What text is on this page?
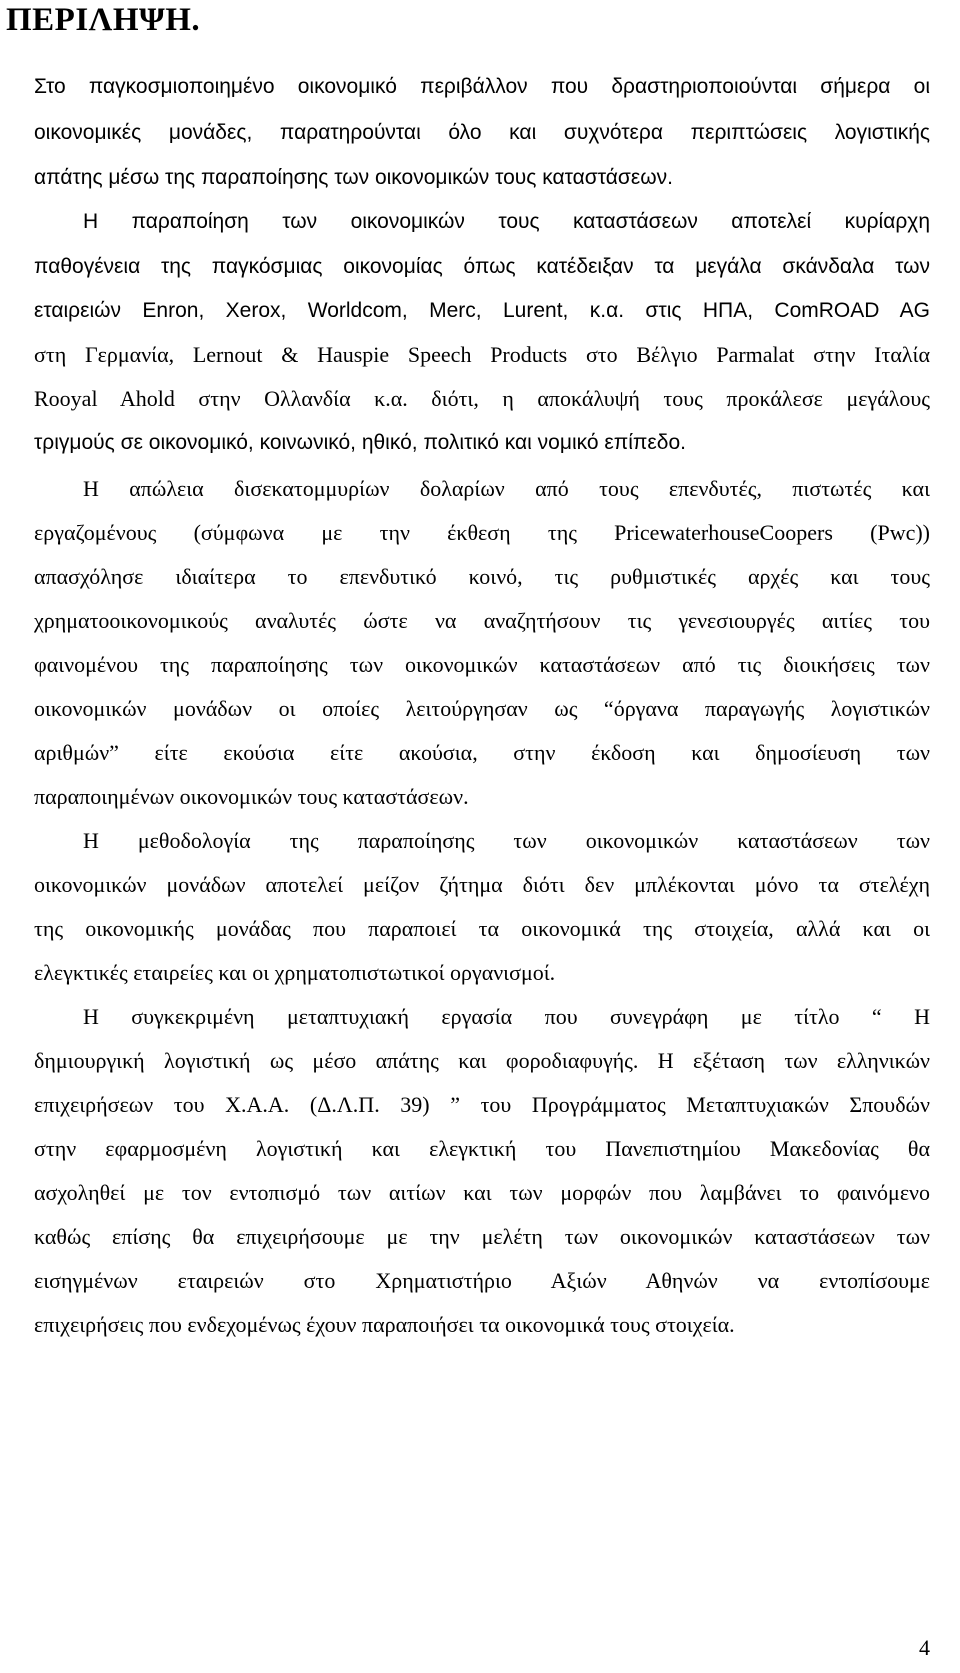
ΠΕΡΙΛΗΨΗ.

Στο παγκοσμιοποιημένο οικονομικό περιβάλλον που δραστηριοποιούνται σήμερα οι

οικονομικές μονάδες, παρατηρούνται όλο και συχνότερα περιπτώσεις λογιστικής

απάτης μέσω της παραποίησης των οικονομικών τους καταστάσεων.

Η παραποίηση των οικονομικών τους καταστάσεων αποτελεί κυρίαρχη

παθογένεια της παγκόσμιας οικονομίας όπως κατέδειξαν τα μεγάλα σκάνδαλα των

εταιρειών Enron, Xerox, Worldcom, Merc, Lurent, κ.α. στις ΗΠΑ, ComROAD AG

στη Γερμανία, Lernout & Hauspie Speech Products στο Βέλγιο Parmalat στην Ιταλία

Rooyal Ahold στην Ολλανδία κ.α. διότι, η αποκάλυψή τους προκάλεσε μεγάλους

τριγμούς σε οικονομικό, κοινωνικό, ηθικό, πολιτικό και νομικό επίπεδο.

Η απώλεια δισεκατομμυρίων δολαρίων από τους επενδυτές, πιστωτές και

εργαζομένους (σύμφωνα με την έκθεση της PricewaterhouseCoopers (Pwc))

απασχόλησε ιδιαίτερα το επενδυτικό κοινό, τις ρυθμιστικές αρχές και τους

χρηματοοικονομικούς αναλυτές ώστε να αναζητήσουν τις γενεσιουργές αιτίες του

φαινομένου της παραποίησης των οικονομικών καταστάσεων από τις διοικήσεις των

οικονομικών μονάδων οι οποίες λειτούργησαν ως “όργανα παραγωγής λογιστικών

αριθμών” είτε εκούσια είτε ακούσια, στην έκδοση και δημοσίευση των

παραποιημένων οικονομικών τους καταστάσεων.

Η μεθοδολογία της παραποίησης των οικονομικών καταστάσεων των

οικονομικών μονάδων αποτελεί μείζον ζήτημα διότι δεν μπλέκονται μόνο τα στελέχη

της οικονομικής μονάδας που παραποιεί τα οικονομικά της στοιχεία, αλλά και οι

ελεγκτικές εταιρείες και οι χρηματοπιστωτικοί οργανισμοί.

Η συγκεκριμένη μεταπτυχιακή εργασία που συνεγράφη με τίτλο “ Η

δημιουργική λογιστική ως μέσο απάτης και φοροδιαφυγής. Η εξέταση των ελληνικών

επιχειρήσεων του Χ.Α.Α. (Δ.Λ.Π. 39) ” του Προγράμματος Μεταπτυχιακών Σπουδών

στην εφαρμοσμένη λογιστική και ελεγκτική του Πανεπιστημίου Μακεδονίας θα

ασχοληθεί με τον εντοπισμό των αιτίων και των μορφών που λαμβάνει το φαινόμενο

καθώς επίσης θα επιχειρήσουμε με την μελέτη των οικονομικών καταστάσεων των

εισηγμένων εταιρειών στο Χρηματιστήριο Αξιών Αθηνών να εντοπίσουμε

επιχειρήσεις που ενδεχομένως έχουν παραποιήσει τα οικονομικά τους στοιχεία.

4
